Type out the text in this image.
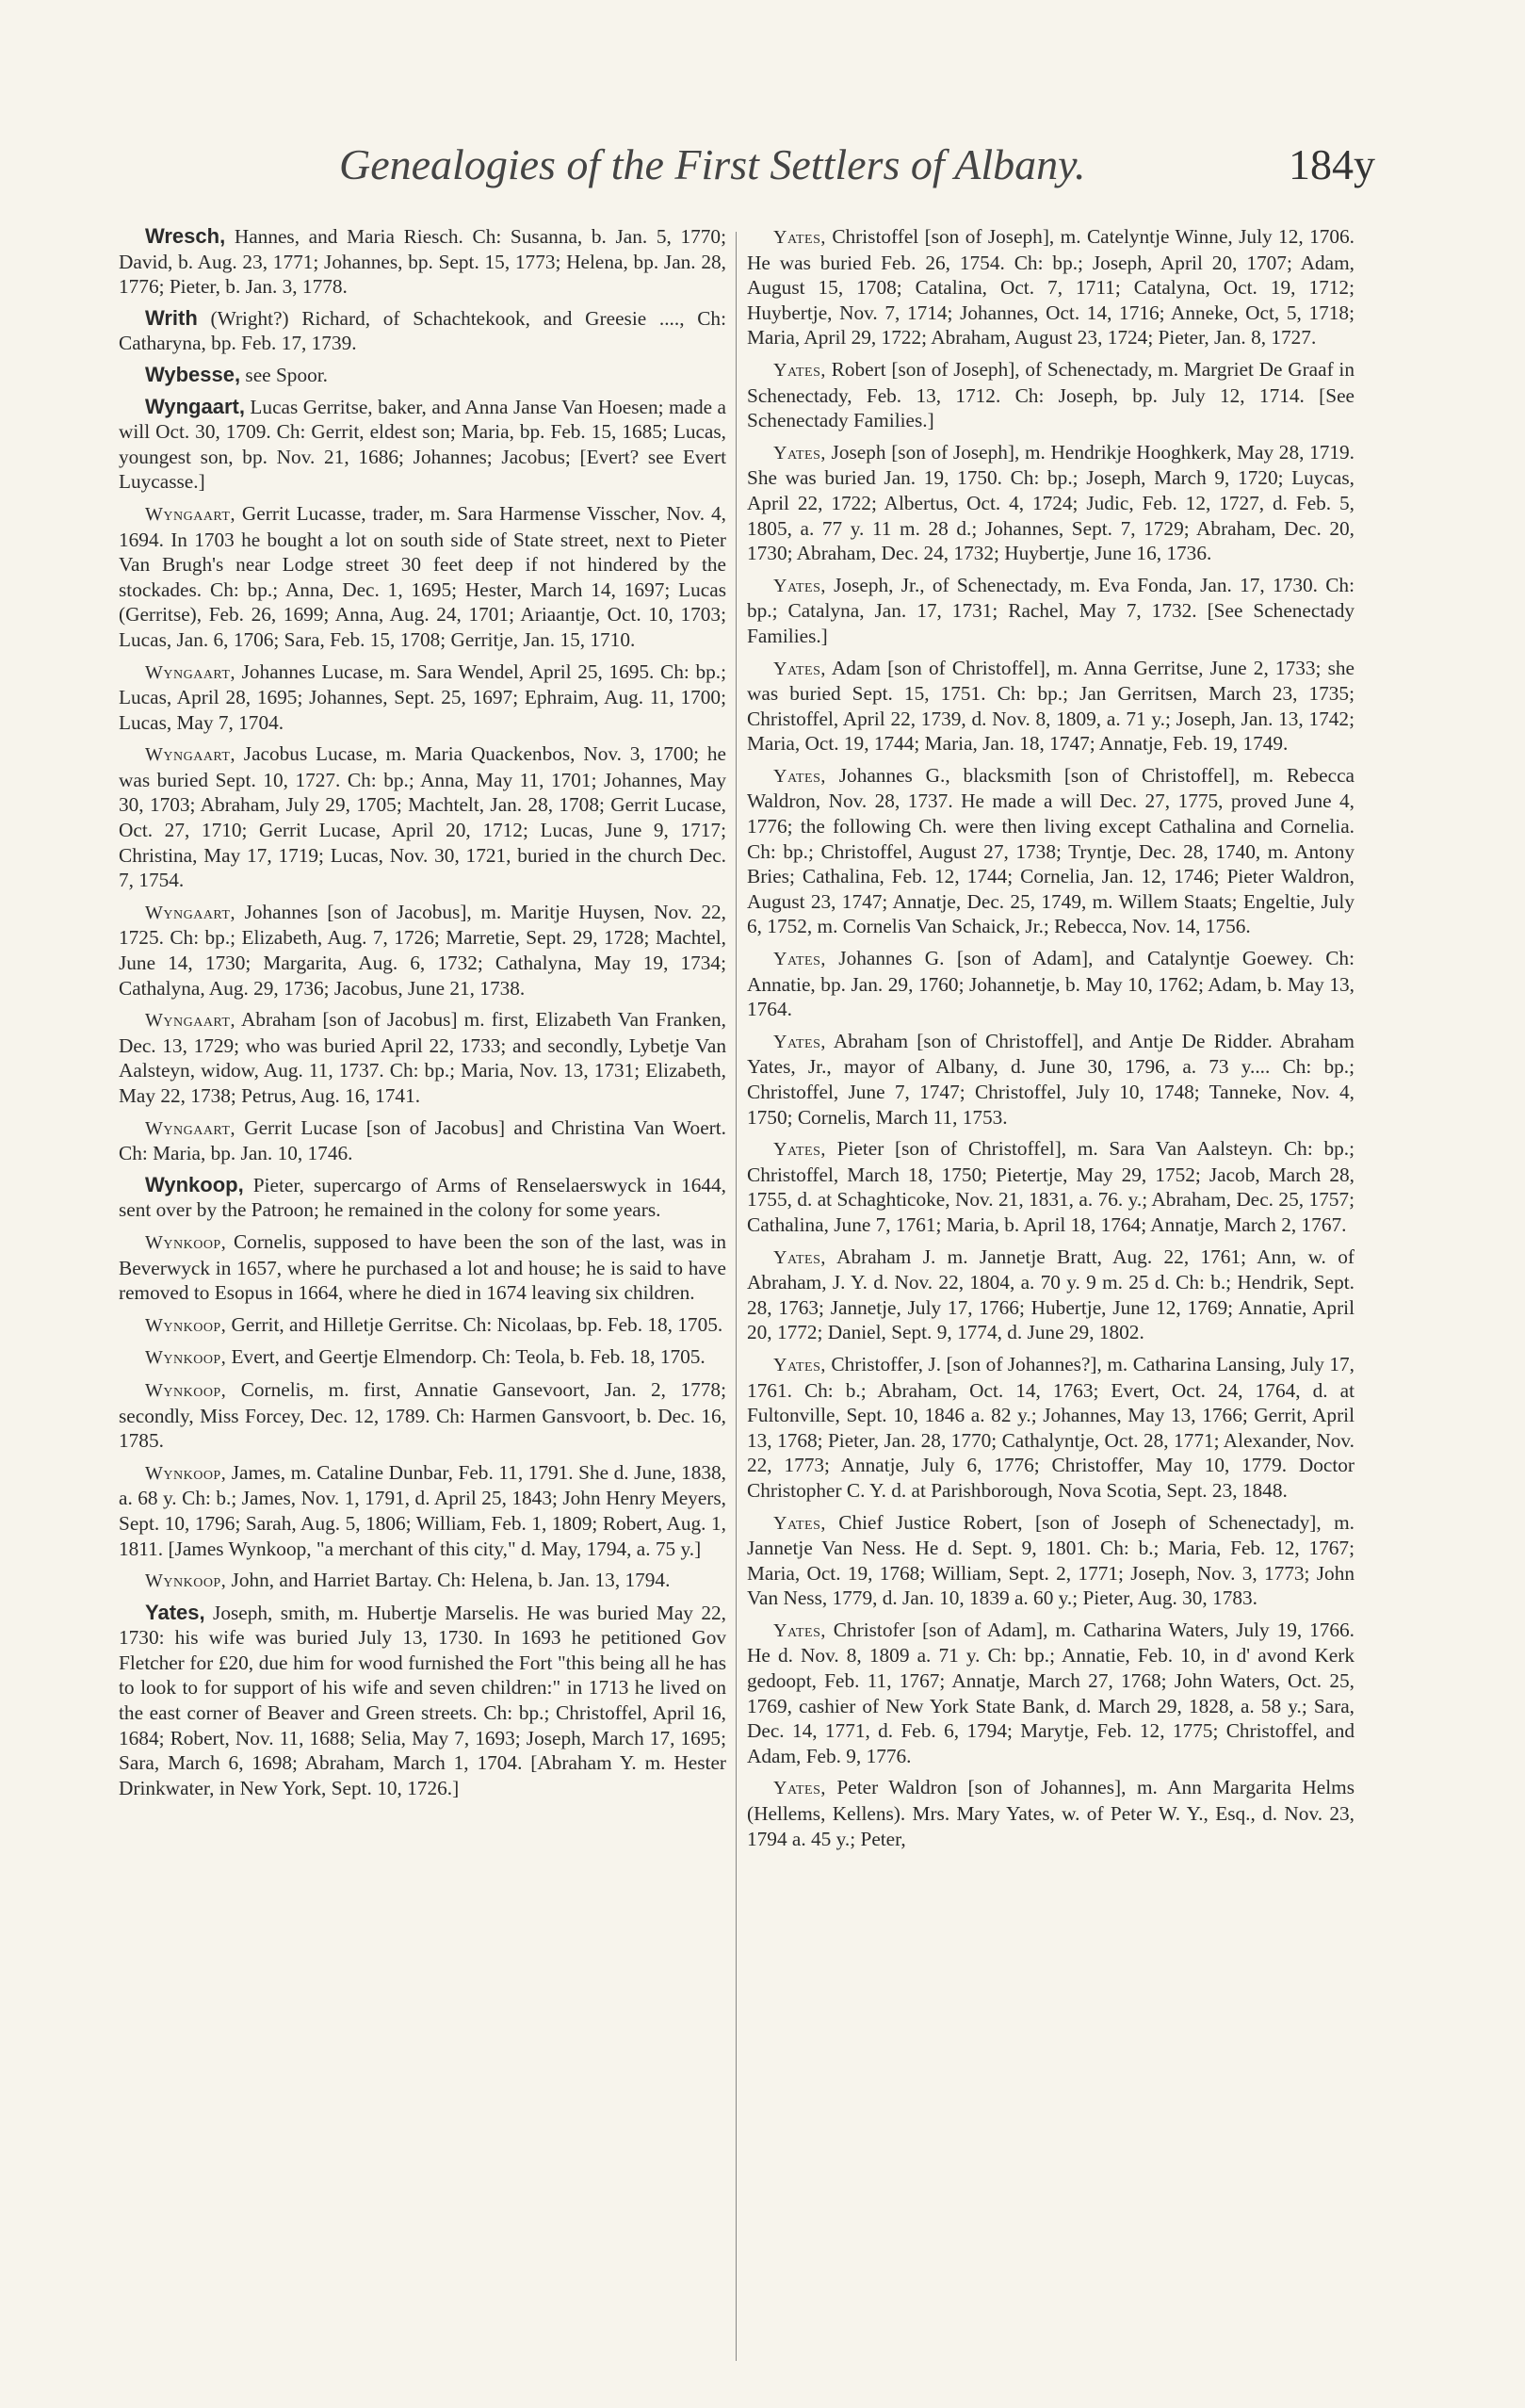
Genealogies of the First Settlers of Albany.	184y

Wresch, Hannes, and Maria Riesch. Ch: Susanna, b. Jan. 5, 1770; David, b. Aug. 23, 1771; Johannes, bp. Sept. 15, 1773; Helena, bp. Jan. 28, 1776; Pieter, b. Jan. 3, 1778.

Writh (Wright?) Richard, of Schachtekook, and Greesie ...., Ch: Catharyna, bp. Feb. 17, 1739.

Wybesse, see Spoor.

Wyngaart, Lucas Gerritse, baker, and Anna Janse Van Hoesen; made a will Oct. 30, 1709. Ch: Gerrit, eldest son; Maria, bp. Feb. 15, 1685; Lucas, youngest son, bp. Nov. 21, 1686; Johannes; Jacobus; [Evert? see Evert Luycasse.]

Wyngaart, Gerrit Lucasse, trader, m. Sara Harmense Visscher, Nov. 4, 1694. In 1703 he bought a lot on south side of State street, next to Pieter Van Brugh's near Lodge street 30 feet deep if not hindered by the stockades. Ch: bp.; Anna, Dec. 1, 1695; Hester, March 14, 1697; Lucas (Gerritse), Feb. 26, 1699; Anna, Aug. 24, 1701; Ariaantje, Oct. 10, 1703; Lucas, Jan. 6, 1706; Sara, Feb. 15, 1708; Gerritje, Jan. 15, 1710.

Wyngaart, Johannes Lucase, m. Sara Wendel, April 25, 1695. Ch: bp.; Lucas, April 28, 1695; Johannes, Sept. 25, 1697; Ephraim, Aug. 11, 1700; Lucas, May 7, 1704.

Wyngaart, Jacobus Lucase, m. Maria Quackenbos, Nov. 3, 1700; he was buried Sept. 10, 1727. Ch: bp.; Anna, May 11, 1701; Johannes, May 30, 1703; Abraham, July 29, 1705; Machtelt, Jan. 28, 1708; Gerrit Lucase, Oct. 27, 1710; Gerrit Lucase, April 20, 1712; Lucas, June 9, 1717; Christina, May 17, 1719; Lucas, Nov. 30, 1721, buried in the church Dec. 7, 1754.

Wyngaart, Johannes [son of Jacobus], m. Maritje Huysen, Nov. 22, 1725. Ch: bp.; Elizabeth, Aug. 7, 1726; Marretie, Sept. 29, 1728; Machtel, June 14, 1730; Margarita, Aug. 6, 1732; Cathalyna, May 19, 1734; Cathalyna, Aug. 29, 1736; Jacobus, June 21, 1738.

Wyngaart, Abraham [son of Jacobus] m. first, Elizabeth Van Franken, Dec. 13, 1729; who was buried April 22, 1733; and secondly, Lybetje Van Aalsteyn, widow, Aug. 11, 1737. Ch: bp.; Maria, Nov. 13, 1731; Elizabeth, May 22, 1738; Petrus, Aug. 16, 1741.

Wyngaart, Gerrit Lucase [son of Jacobus] and Christina Van Woert. Ch: Maria, bp. Jan. 10, 1746.

Wynkoop, Pieter, supercargo of Arms of Renselaerswyck in 1644, sent over by the Patroon; he remained in the colony for some years.

Wynkoop, Cornelis, supposed to have been the son of the last, was in Beverwyck in 1657, where he purchased a lot and house; he is said to have removed to Esopus in 1664, where he died in 1674 leaving six children.

Wynkoop, Gerrit, and Hilletje Gerritse. Ch: Nicolaas, bp. Feb. 18, 1705.

Wynkoop, Evert, and Geertje Elmendorp. Ch: Teola, b. Feb. 18, 1705.

Wynkoop, Cornelis, m. first, Annatie Gansevoort, Jan. 2, 1778; secondly, Miss Forcey, Dec. 12, 1789. Ch: Harmen Gansvoort, b. Dec. 16, 1785.

Wynkoop, James, m. Cataline Dunbar, Feb. 11, 1791. She d. June, 1838, a. 68 y. Ch: b.; James, Nov. 1, 1791, d. April 25, 1843; John Henry Meyers, Sept. 10, 1796; Sarah, Aug. 5, 1806; William, Feb. 1, 1809; Robert, Aug. 1, 1811. [James Wynkoop, "a merchant of this city," d. May, 1794, a. 75 y.]

Wynkoop, John, and Harriet Bartay. Ch: Helena, b. Jan. 13, 1794.

Yates, Joseph, smith, m. Hubertje Marselis. He was buried May 22, 1730: his wife was buried July 13, 1730. In 1693 he petitioned Gov Fletcher for £20, due him for wood furnished the Fort "this being all he has to look to for support of his wife and seven children:" in 1713 he lived on the east corner of Beaver and Green streets. Ch: bp.; Christoffel, April 16, 1684; Robert, Nov. 11, 1688; Selia, May 7, 1693; Joseph, March 17, 1695; Sara, March 6, 1698; Abraham, March 1, 1704. [Abraham Y. m. Hester Drinkwater, in New York, Sept. 10, 1726.]

Yates, Christoffel [son of Joseph], m. Catelyntje Winne, July 12, 1706. He was buried Feb. 26, 1754. Ch: bp.; Joseph, April 20, 1707; Adam, August 15, 1708; Catalina, Oct. 7, 1711; Catalyna, Oct. 19, 1712; Huybertje, Nov. 7, 1714; Johannes, Oct. 14, 1716; Anneke, Oct, 5, 1718; Maria, April 29, 1722; Abraham, August 23, 1724; Pieter, Jan. 8, 1727.

Yates, Robert [son of Joseph], of Schenectady, m. Margriet De Graaf in Schenectady, Feb. 13, 1712. Ch: Joseph, bp. July 12, 1714. [See Schenectady Families.]

Yates, Joseph [son of Joseph], m. Hendrikje Hooghkerk, May 28, 1719. She was buried Jan. 19, 1750. Ch: bp.; Joseph, March 9, 1720; Luycas, April 22, 1722; Albertus, Oct. 4, 1724; Judic, Feb. 12, 1727, d. Feb. 5, 1805, a. 77 y. 11 m. 28 d.; Johannes, Sept. 7, 1729; Abraham, Dec. 20, 1730; Abraham, Dec. 24, 1732; Huybertje, June 16, 1736.

Yates, Joseph, Jr., of Schenectady, m. Eva Fonda, Jan. 17, 1730. Ch: bp.; Catalyna, Jan. 17, 1731; Rachel, May 7, 1732. [See Schenectady Families.]

Yates, Adam [son of Christoffel], m. Anna Gerritse, June 2, 1733; she was buried Sept. 15, 1751. Ch: bp.; Jan Gerritsen, March 23, 1735; Christoffel, April 22, 1739, d. Nov. 8, 1809, a. 71 y.; Joseph, Jan. 13, 1742; Maria, Oct. 19, 1744; Maria, Jan. 18, 1747; Annatje, Feb. 19, 1749.

Yates, Johannes G., blacksmith [son of Christoffel], m. Rebecca Waldron, Nov. 28, 1737. He made a will Dec. 27, 1775, proved June 4, 1776; the following Ch. were then living except Cathalina and Cornelia. Ch: bp.; Christoffel, August 27, 1738; Tryntje, Dec. 28, 1740, m. Antony Bries; Cathalina, Feb. 12, 1744; Cornelia, Jan. 12, 1746; Pieter Waldron, August 23, 1747; Annatje, Dec. 25, 1749, m. Willem Staats; Engeltie, July 6, 1752, m. Cornelis Van Schaick, Jr.; Rebecca, Nov. 14, 1756.

Yates, Johannes G. [son of Adam], and Catalyntje Goewey. Ch: Annatie, bp. Jan. 29, 1760; Johannetje, b. May 10, 1762; Adam, b. May 13, 1764.

Yates, Abraham [son of Christoffel], and Antje De Ridder. Abraham Yates, Jr., mayor of Albany, d. June 30, 1796, a. 73 y.... Ch: bp.; Christoffel, June 7, 1747; Christoffel, July 10, 1748; Tanneke, Nov. 4, 1750; Cornelis, March 11, 1753.

Yates, Pieter [son of Christoffel], m. Sara Van Aalsteyn. Ch: bp.; Christoffel, March 18, 1750; Pietertje, May 29, 1752; Jacob, March 28, 1755, d. at Schaghticoke, Nov. 21, 1831, a. 76. y.; Abraham, Dec. 25, 1757; Cathalina, June 7, 1761; Maria, b. April 18, 1764; Annatje, March 2, 1767.

Yates, Abraham J. m. Jannetje Bratt, Aug. 22, 1761; Ann, w. of Abraham, J. Y. d. Nov. 22, 1804, a. 70 y. 9 m. 25 d. Ch: b.; Hendrik, Sept. 28, 1763; Jannetje, July 17, 1766; Hubertje, June 12, 1769; Annatie, April 20, 1772; Daniel, Sept. 9, 1774, d. June 29, 1802.

Yates, Christoffer, J. [son of Johannes?], m. Catharina Lansing, July 17, 1761. Ch: b.; Abraham, Oct. 14, 1763; Evert, Oct. 24, 1764, d. at Fultonville, Sept. 10, 1846 a. 82 y.; Johannes, May 13, 1766; Gerrit, April 13, 1768; Pieter, Jan. 28, 1770; Cathalyntje, Oct. 28, 1771; Alexander, Nov. 22, 1773; Annatje, July 6, 1776; Christoffer, May 10, 1779. Doctor Christopher C. Y. d. at Parishborough, Nova Scotia, Sept. 23, 1848.

Yates, Chief Justice Robert, [son of Joseph of Schenectady], m. Jannetje Van Ness. He d. Sept. 9, 1801. Ch: b.; Maria, Feb. 12, 1767; Maria, Oct. 19, 1768; William, Sept. 2, 1771; Joseph, Nov. 3, 1773; John Van Ness, 1779, d. Jan. 10, 1839 a. 60 y.; Pieter, Aug. 30, 1783.

Yates, Christofer [son of Adam], m. Catharina Waters, July 19, 1766. He d. Nov. 8, 1809 a. 71 y. Ch: bp.; Annatie, Feb. 10, in d' avond Kerk gedoopt, Feb. 11, 1767; Annatje, March 27, 1768; John Waters, Oct. 25, 1769, cashier of New York State Bank, d. March 29, 1828, a. 58 y.; Sara, Dec. 14, 1771, d. Feb. 6, 1794; Marytje, Feb. 12, 1775; Christoffel, and Adam, Feb. 9, 1776.

Yates, Peter Waldron [son of Johannes], m. Ann Margarita Helms (Hellems, Kellens). Mrs. Mary Yates, w. of Peter W. Y., Esq., d. Nov. 23, 1794 a. 45 y.; Peter,
